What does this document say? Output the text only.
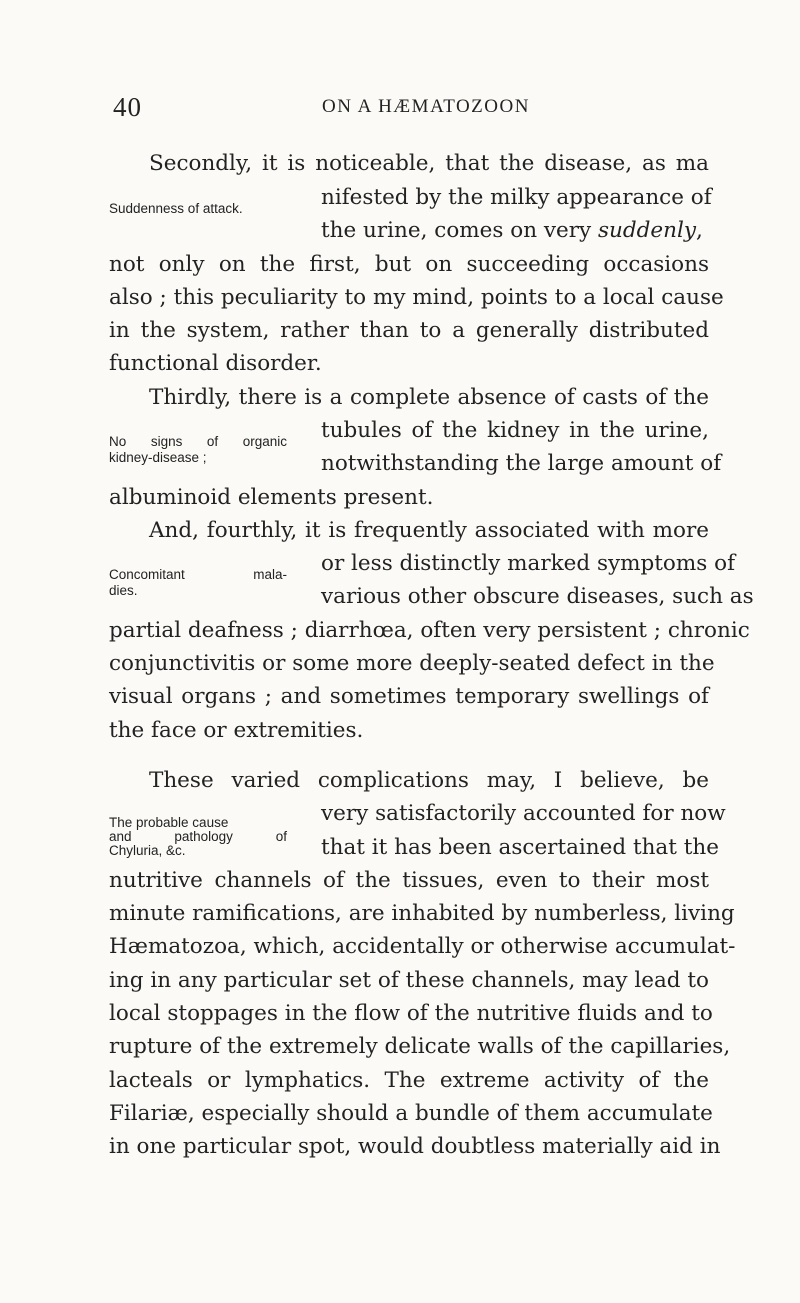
40	ON A HÆMATOZOON
Secondly, it is noticeable, that the disease, as ma
nifested by the milky appearance of
the urine, comes on very suddenly,
not only on the first, but on succeeding occasions
also ; this peculiarity to my mind, points to a local cause
in the system, rather than to a generally distributed
functional disorder.
Thirdly, there is a complete absence of casts of the
tubules of the kidney in the urine,
notwithstanding the large amount of
albuminoid elements present.
And, fourthly, it is frequently associated with more
or less distinctly marked symptoms of
various other obscure diseases, such as
partial deafness ; diarrhœa, often very persistent ; chronic
conjunctivitis or some more deeply-seated defect in the
visual organs ; and sometimes temporary swellings of
the face or extremities.
These varied complications may, I believe, be
very satisfactorily accounted for now
that it has been ascertained that the
nutritive channels of the tissues, even to their most
minute ramifications, are inhabited by numberless, living
Hæmatozoa, which, accidentally or otherwise accumulat-
ing in any particular set of these channels, may lead to
local stoppages in the flow of the nutritive fluids and to
rupture of the extremely delicate walls of the capillaries,
lacteals or lymphatics. The extreme activity of the
Filariæ, especially should a bundle of them accumulate
in one particular spot, would doubtless materially aid in
Suddenness of attack.
No signs of organic
kidney-disease ;
Concomitant mala-
dies.
The probable cause
and pathology of
Chyluria, &c.
